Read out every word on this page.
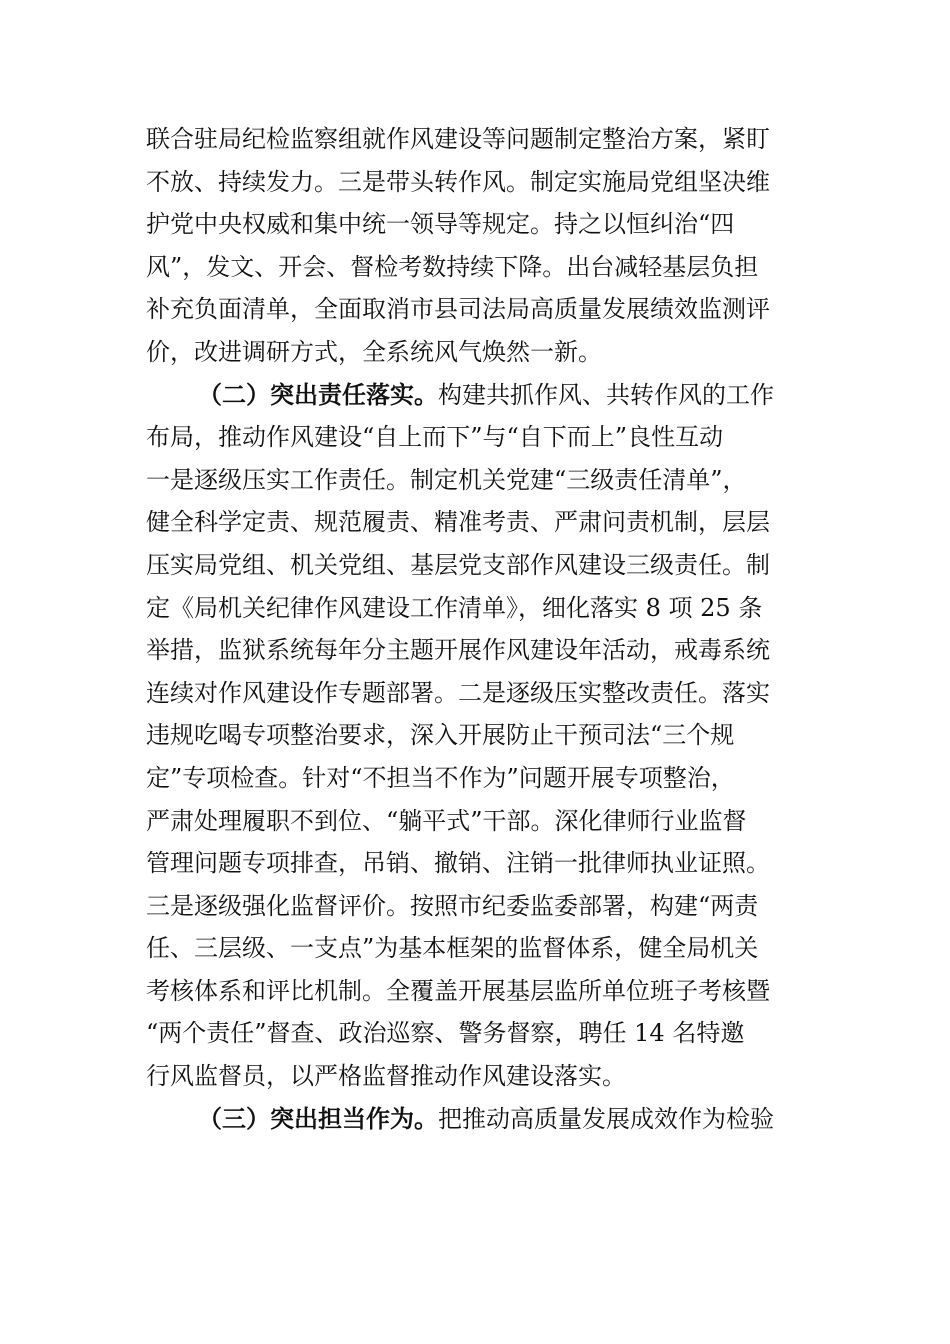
联合驻局纪检监察组就作风建设等问题制定整治方案，紧盯
不放、持续发力。三是带头转作风。制定实施局党组坚决维
护党中央权威和集中统一领导等规定。持之以恒纠治“四
风”，发文、开会、督检考数持续下降。出台减轻基层负担
补充负面清单，全面取消市县司法局高质量发展绩效监测评
价，改进调研方式，全系统风气焕然一新。
（二）突出责任落实。构建共抓作风、共转作风的工作
布局，推动作风建设“自上而下”与“自下而上”良性互动
一是逐级压实工作责任。制定机关党建“三级责任清单”，
健全科学定责、规范履责、精准考责、严肃问责机制，层层
压实局党组、机关党组、基层党支部作风建设三级责任。制
定《局机关纪律作风建设工作清单》，细化落实 8 项 25 条
举措，监狱系统每年分主题开展作风建设年活动，戒毒系统
连续对作风建设作专题部署。二是逐级压实整改责任。落实
违规吃喝专项整治要求，深入开展防止干预司法“三个规
定”专项检查。针对“不担当不作为”问题开展专项整治，
严肃处理履职不到位、“躺平式”干部。深化律师行业监督
管理问题专项排查，吊销、撤销、注销一批律师执业证照。
三是逐级强化监督评价。按照市纪委监委部署，构建“两责
任、三层级、一支点”为基本框架的监督体系，健全局机关
考核体系和评比机制。全覆盖开展基层监所单位班子考核暨
“两个责任”督查、政治巡察、警务督察，聘任 14 名特邀
行风监督员，以严格监督推动作风建设落实。
（三）突出担当作为。把推动高质量发展成效作为检验
